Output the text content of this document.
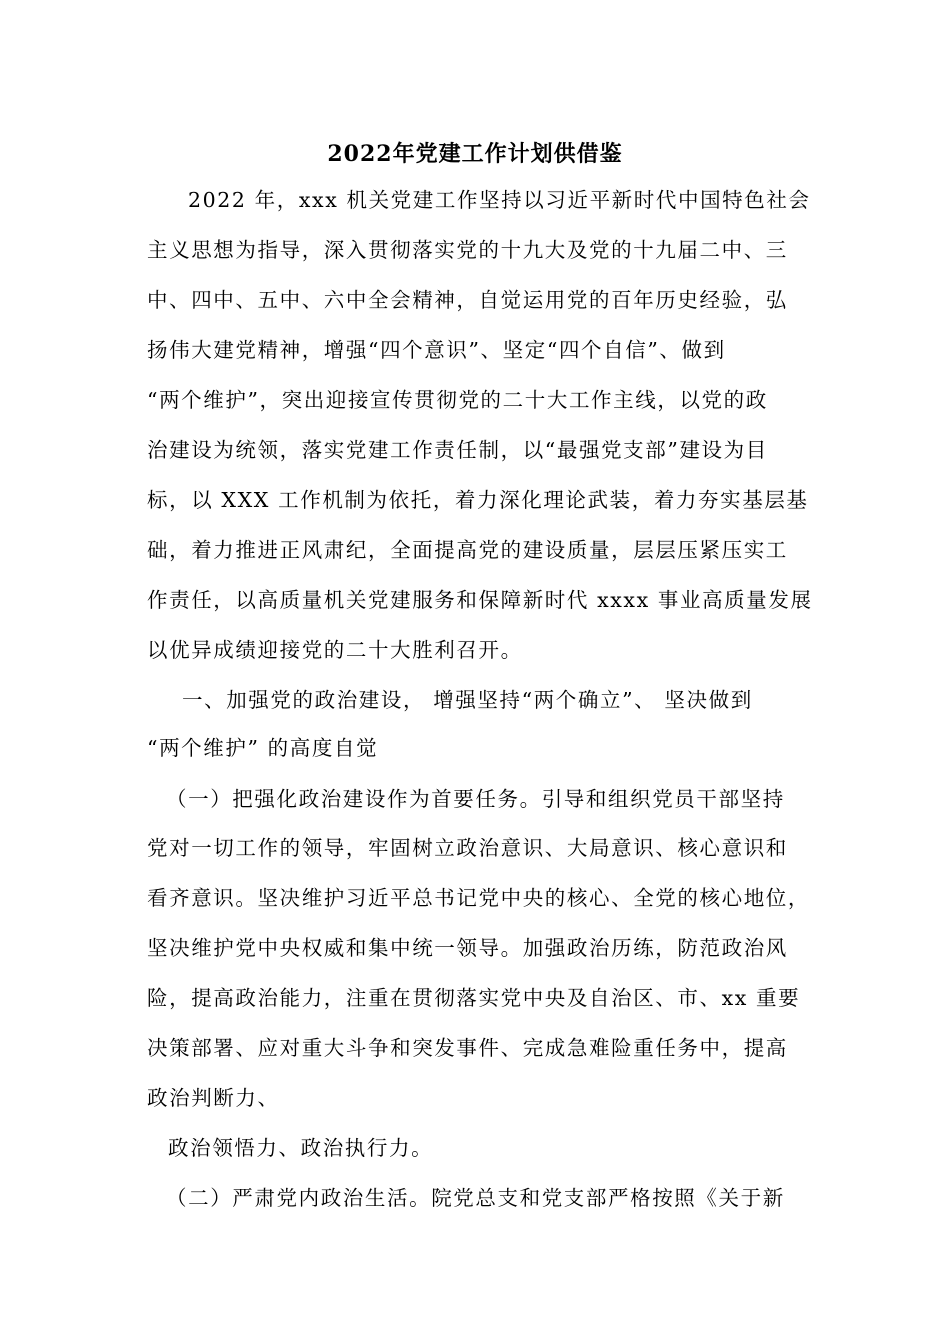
2022年党建工作计划供借鉴
2022 年，xxx 机关党建工作坚持以习近平新时代中国特色社会
主义思想为指导，深入贯彻落实党的十九大及党的十九届二中、三
中、四中、五中、六中全会精神，自觉运用党的百年历史经验，弘
扬伟大建党精神，增强“四个意识”、坚定“四个自信”、做到
“两个维护”，突出迎接宣传贯彻党的二十大工作主线，以党的政
治建设为统领，落实党建工作责任制，以“最强党支部”建设为目
标，以 XXX 工作机制为依托，着力深化理论武装，着力夯实基层基
础，着力推进正风肃纪，全面提高党的建设质量，层层压紧压实工
作责任，以高质量机关党建服务和保障新时代 xxxx 事业高质量发展
以优异成绩迎接党的二十大胜利召开。
一、加强党的政治建设， 增强坚持“两个确立”、 坚决做到
“两个维护” 的高度自觉
（一）把强化政治建设作为首要任务。引导和组织党员干部坚持
党对一切工作的领导，牢固树立政治意识、大局意识、核心意识和
看齐意识。坚决维护习近平总书记党中央的核心、全党的核心地位，
坚决维护党中央权威和集中统一领导。加强政治历练，防范政治风
险，提高政治能力，注重在贯彻落实党中央及自治区、市、xx 重要
决策部署、应对重大斗争和突发事件、完成急难险重任务中，提高
政治判断力、
政治领悟力、政治执行力。
（二）严肃党内政治生活。院党总支和党支部严格按照《关于新
